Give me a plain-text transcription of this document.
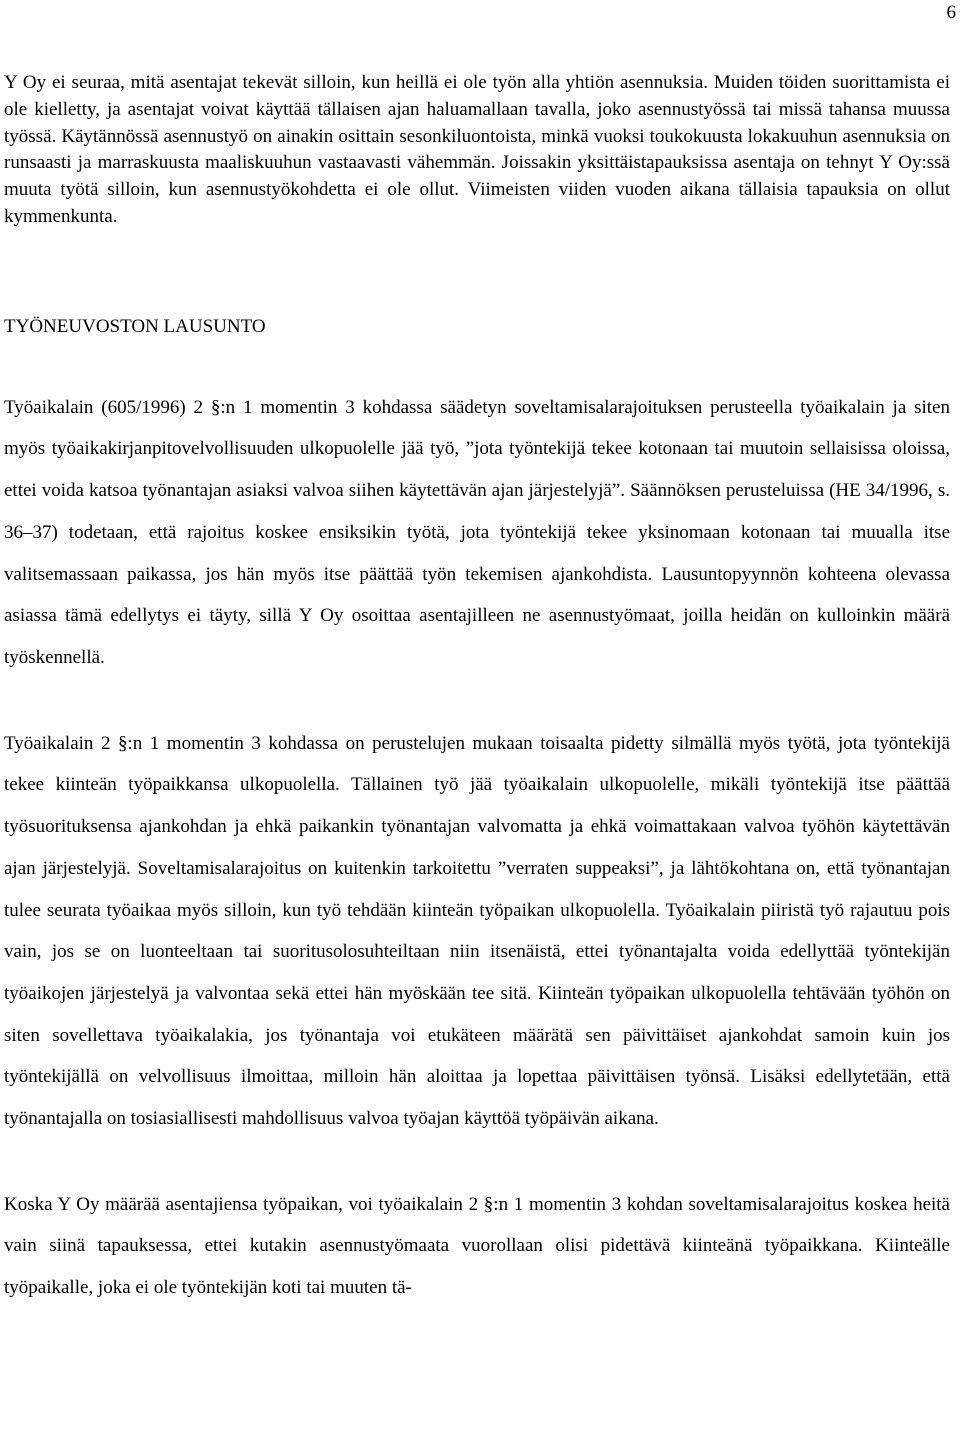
6

Y Oy ei seuraa, mitä asentajat tekevät silloin, kun heillä ei ole työn alla yhtiön asennuksia. Muiden töiden suorittamista ei ole kielletty, ja asentajat voivat käyttää tällaisen ajan haluamallaan tavalla, joko asennustyössä tai missä tahansa muussa työssä. Käytännössä asennustyö on ainakin osittain sesonkiluontoista, minkä vuoksi toukokuusta lokakuuhun asennuksia on runsaasti ja marraskuusta maaliskuuhun vastaavasti vähemmän. Joissakin yksittäistapauksissa asentaja on tehnyt Y Oy:ssä muuta työtä silloin, kun asennustyökohdetta ei ole ollut. Viimeisten viiden vuoden aikana tällaisia tapauksia on ollut kymmenkunta.

TYÖNEUVOSTON LAUSUNTO

Työaikalain (605/1996) 2 §:n 1 momentin 3 kohdassa säädetyn soveltamisalarajoituksen perusteella työaikalain ja siten myös työaikakirjanpitovelvollisuuden ulkopuolelle jää työ, ”jota työntekijä tekee kotonaan tai muutoin sellaisissa oloissa, ettei voida katsoa työnantajan asiaksi valvoa siihen käytettävän ajan järjestelyjä”. Säännöksen perusteluissa (HE 34/1996, s. 36–37) todetaan, että rajoitus koskee ensiksikin työtä, jota työntekijä tekee yksinomaan kotonaan tai muualla itse valitsemassaan paikassa, jos hän myös itse päättää työn tekemisen ajankohdista. Lausuntopyynnön kohteena olevassa asiassa tämä edellytys ei täyty, sillä Y Oy osoittaa asentajilleen ne asennustyömaat, joilla heidän on kulloinkin määrä työskennellä.

Työaikalain 2 §:n 1 momentin 3 kohdassa on perustelujen mukaan toisaalta pidetty silmällä myös työtä, jota työntekijä tekee kiinteän työpaikkansa ulkopuolella. Tällainen työ jää työaikalain ulkopuolelle, mikäli työntekijä itse päättää työsuorituksensa ajankohdan ja ehkä paikankin työnantajan valvomatta ja ehkä voimattakaan valvoa työhön käytettävän ajan järjestelyjä. Soveltamisalarajoitus on kuitenkin tarkoitettu ”verraten suppeaksi”, ja lähtökohtana on, että työnantajan tulee seurata työaikaa myös silloin, kun työ tehdään kiinteän työpaikan ulkopuolella. Työaikalain piiristä työ rajautuu pois vain, jos se on luonteeltaan tai suoritusolosuhteiltaan niin itsenäistä, ettei työnantajalta voida edellyttää työntekijän työaikojen järjestelyä ja valvontaa sekä ettei hän myöskään tee sitä. Kiinteän työpaikan ulkopuolella tehtävään työhön on siten sovellettava työaikalakia, jos työnantaja voi etukäteen määrätä sen päivittäiset ajankohdat samoin kuin jos työntekijällä on velvollisuus ilmoittaa, milloin hän aloittaa ja lopettaa päivittäisen työnsä. Lisäksi edellytetään, että työnantajalla on tosiasiallisesti mahdollisuus valvoa työajan käyttöä työpäivän aikana.

Koska Y Oy määrää asentajiensa työpaikan, voi työaikalain 2 §:n 1 momentin 3 kohdan soveltamisalarajoitus koskea heitä vain siinä tapauksessa, ettei kutakin asennustyömaata vuorollaan olisi pidettävä kiinteänä työpaikkana. Kiinteälle työpaikalle, joka ei ole työntekijän koti tai muuten tä-
